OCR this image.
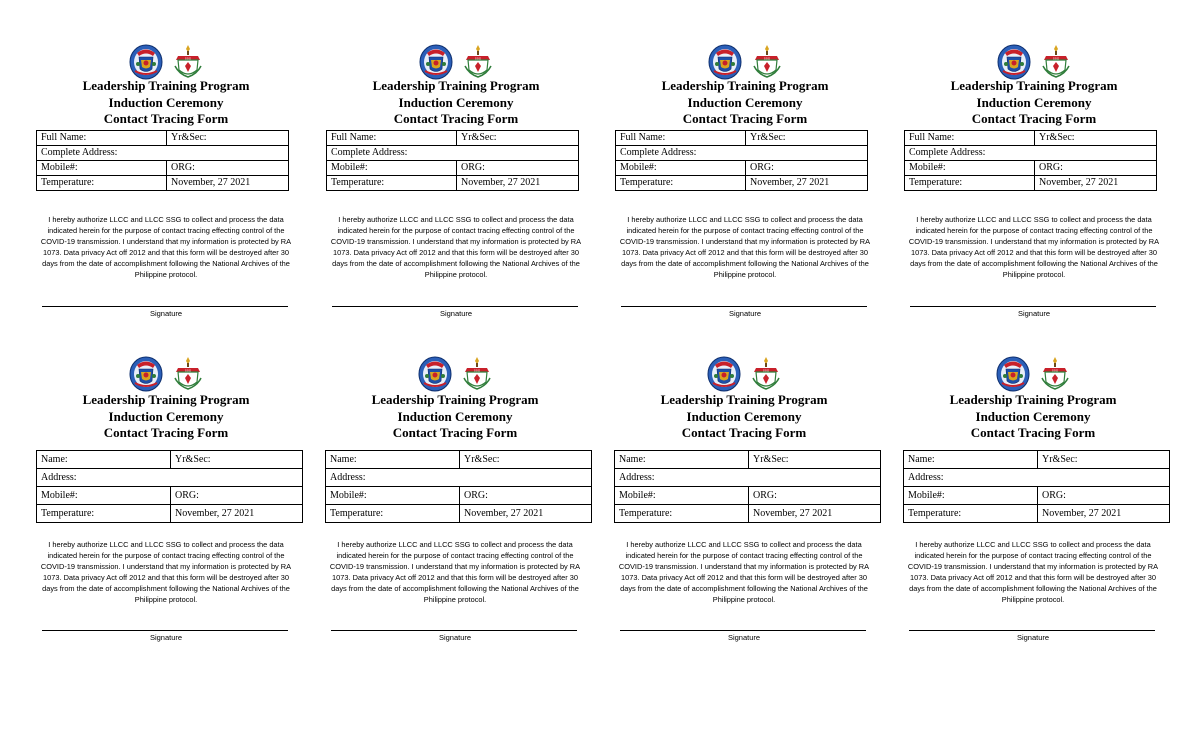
SSG
Leadership Training Program
Induction Ceremony
Contact Tracing Form
Full Name:	Yr&Sec:
Complete Address:	
Mobile#:	ORG:
Temperature:	November, 27 2021
I hereby authorize LLCC and LLCC SSG to collect and process the data indicated herein for the purpose of contact tracing effecting control of the COVID-19 transmission. I understand that my information is protected by RA 1073. Data privacy Act off 2012 and that this form will be destroyed after 30 days from the date of accomplishment following the National Archives of the Philippine protocol.
Signature
SSG
Leadership Training Program
Induction Ceremony
Contact Tracing Form
Full Name:	Yr&Sec:
Complete Address:	
Mobile#:	ORG:
Temperature:	November, 27 2021
I hereby authorize LLCC and LLCC SSG to collect and process the data indicated herein for the purpose of contact tracing effecting control of the COVID-19 transmission. I understand that my information is protected by RA 1073. Data privacy Act off 2012 and that this form will be destroyed after 30 days from the date of accomplishment following the National Archives of the Philippine protocol.
Signature
SSG
Leadership Training Program
Induction Ceremony
Contact Tracing Form
Full Name:	Yr&Sec:
Complete Address:	
Mobile#:	ORG:
Temperature:	November, 27 2021
I hereby authorize LLCC and LLCC SSG to collect and process the data indicated herein for the purpose of contact tracing effecting control of the COVID-19 transmission. I understand that my information is protected by RA 1073. Data privacy Act off 2012 and that this form will be destroyed after 30 days from the date of accomplishment following the National Archives of the Philippine protocol.
Signature
SSG
Leadership Training Program
Induction Ceremony
Contact Tracing Form
Full Name:	Yr&Sec:
Complete Address:	
Mobile#:	ORG:
Temperature:	November, 27 2021
I hereby authorize LLCC and LLCC SSG to collect and process the data indicated herein for the purpose of contact tracing effecting control of the COVID-19 transmission. I understand that my information is protected by RA 1073. Data privacy Act off 2012 and that this form will be destroyed after 30 days from the date of accomplishment following the National Archives of the Philippine protocol.
Signature
SSG
Leadership Training Program
Induction Ceremony
Contact Tracing Form
Name:	Yr&Sec:
Address:	
Mobile#:	ORG:
Temperature:	November, 27 2021
I hereby authorize LLCC and LLCC SSG to collect and process the data indicated herein for the purpose of contact tracing effecting control of the COVID-19 transmission. I understand that my information is protected by RA 1073. Data privacy Act off 2012 and that this form will be destroyed after 30 days from the date of accomplishment following the National Archives of the Philippine protocol.
Signature
SSG
Leadership Training Program
Induction Ceremony
Contact Tracing Form
Name:	Yr&Sec:
Address:	
Mobile#:	ORG:
Temperature:	November, 27 2021
I hereby authorize LLCC and LLCC SSG to collect and process the data indicated herein for the purpose of contact tracing effecting control of the COVID-19 transmission. I understand that my information is protected by RA 1073. Data privacy Act off 2012 and that this form will be destroyed after 30 days from the date of accomplishment following the National Archives of the Philippine protocol.
Signature
SSG
Leadership Training Program
Induction Ceremony
Contact Tracing Form
Name:	Yr&Sec:
Address:	
Mobile#:	ORG:
Temperature:	November, 27 2021
I hereby authorize LLCC and LLCC SSG to collect and process the data indicated herein for the purpose of contact tracing effecting control of the COVID-19 transmission. I understand that my information is protected by RA 1073. Data privacy Act off 2012 and that this form will be destroyed after 30 days from the date of accomplishment following the National Archives of the Philippine protocol.
Signature
SSG
Leadership Training Program
Induction Ceremony
Contact Tracing Form
Name:	Yr&Sec:
Address:	
Mobile#:	ORG:
Temperature:	November, 27 2021
I hereby authorize LLCC and LLCC SSG to collect and process the data indicated herein for the purpose of contact tracing effecting control of the COVID-19 transmission. I understand that my information is protected by RA 1073. Data privacy Act off 2012 and that this form will be destroyed after 30 days from the date of accomplishment following the National Archives of the Philippine protocol.
Signature
